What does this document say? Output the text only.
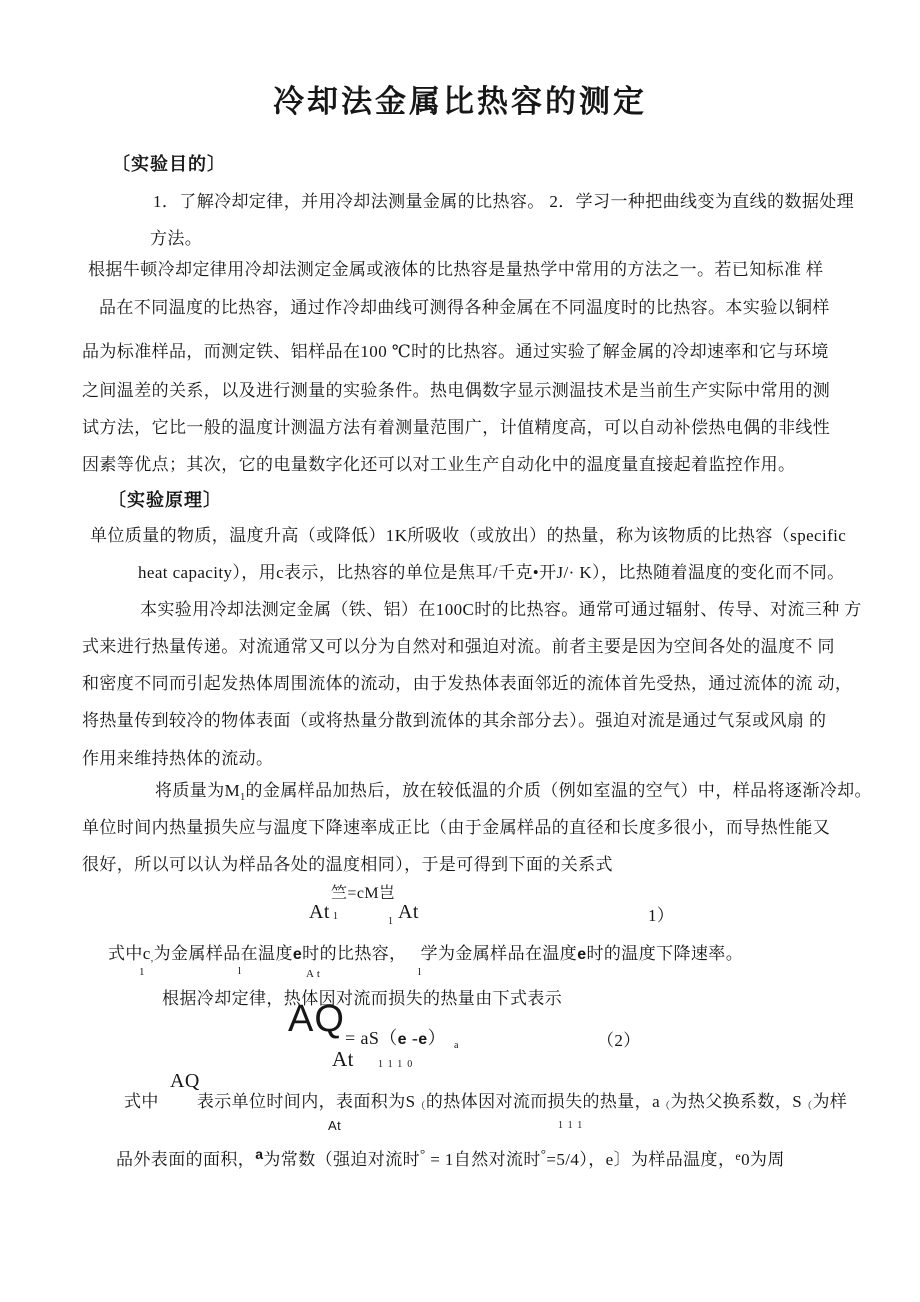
冷却法金属比热容的测定
〔实验目的〕
1．了解冷却定律，并用冷却法测量金属的比热容。 2．学习一种把曲线变为直线的数据处理
方法。
根据牛顿冷却定律用冷却法测定金属或液体的比热容是量热学中常用的方法之一。若已知标准 样
品在不同温度的比热容，通过作冷却曲线可测得各种金属在不同温度时的比热容。本实验以铜样
品为标准样品，而测定铁、铝样品在100 ℃时的比热容。通过实验了解金属的冷却速率和它与环境
之间温差的关系，以及进行测量的实验条件。热电偶数字显示测温技术是当前生产实际中常用的测
试方法，它比一般的温度计测温方法有着测量范围广，计值精度高，可以自动补偿热电偶的非线性
因素等优点；其次，它的电量数字化还可以对工业生产自动化中的温度量直接起着监控作用。
〔实验原理〕
单位质量的物质，温度升高（或降低）1K所吸收（或放出）的热量，称为该物质的比热容（specific
heat capacity），用c表示，比热容的单位是焦耳/千克•开J/· K），比热随着温度的变化而不同。
本实验用冷却法测定金属（铁、铝）在100C时的比热容。通常可通过辐射、传导、对流三种 方
式来进行热量传递。对流通常又可以分为自然对和强迫对流。前者主要是因为空间各处的温度不 同
和密度不同而引起发热体周围流体的流动，由于发热体表面邻近的流体首先受热，通过流体的流 动，
将热量传到较冷的物体表面（或将热量分散到流体的其余部分去）。强迫对流是通过气泵或风扇 的
作用来维持热体的流动。
将质量为$M_1$的金属样品加热后，放在较低温的介质（例如室温的空气）中，样品将逐渐冷却。
单位时间内热量损失应与温度下降速率成正比（由于金属样品的直径和长度多很小，而导热性能又
很好，所以可以认为样品各处的温度相同），于是可得到下面的关系式
At
竺=cM岂
1	1 At	1）
式中c,为金属样品在温度e时的比热容， 学为金属样品在温度e时的温度下降速率。
1	l	A t	l
根据冷却定律，热体因对流而损失的热量由下式表示
AQ = aS（e -e） $_a$
At 1110
（2）
AQ
式中 表示单位时间内，表面积为S（的热体因对流而损失的热量，a（为热父换系数，S（为样
At	111
品外表面的面积，$^a$为常数（强迫对流时° = 1自然对流时°=5/4），e〕为样品温度，$^e$0为周
